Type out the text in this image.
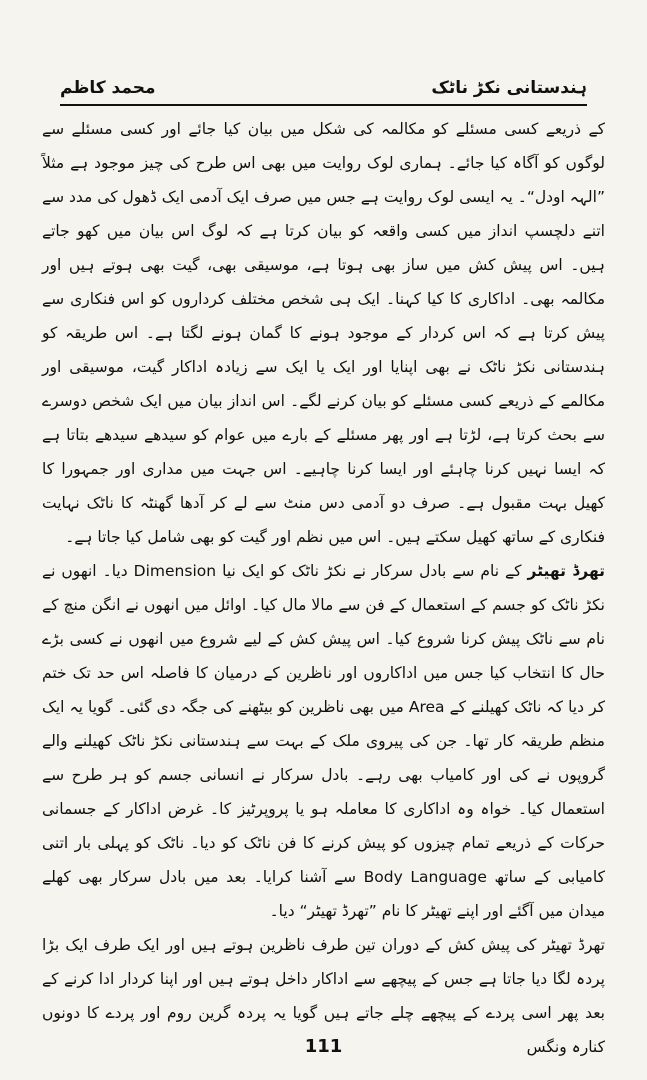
محمد کاظم	ہندستانی نکڑ ناٹک

کے ذریعے کسی مسئلے کو مکالمہ کی شکل میں بیان کیا جائے اور کسی مسئلے سے لوگوں کو آگاہ کیا جائے۔ ہماری لوک روایت میں بھی اس طرح کی چیز موجود ہے مثلاً ”الہہ اودل“۔ یہ ایسی لوک روایت ہے جس میں صرف ایک آدمی ایک ڈھول کی مدد سے اتنے دلچسپ انداز میں کسی واقعہ کو بیان کرتا ہے کہ لوگ اس بیان میں کھو جاتے ہیں۔ اس پیش کش میں ساز بھی ہوتا ہے، موسیقی بھی، گیت بھی ہوتے ہیں اور مکالمہ بھی۔ اداکاری کا کیا کہنا۔ ایک ہی شخص مختلف کرداروں کو اس فنکاری سے پیش کرتا ہے کہ اس کردار کے موجود ہونے کا گمان ہونے لگتا ہے۔ اس طریقہ کو ہندستانی نکڑ ناٹک نے بھی اپنایا اور ایک یا ایک سے زیادہ اداکار گیت، موسیقی اور مکالمے کے ذریعے کسی مسئلے کو بیان کرنے لگے۔ اس انداز بیان میں ایک شخص دوسرے سے بحث کرتا ہے، لڑتا ہے اور پھر مسئلے کے بارے میں عوام کو سیدھے سیدھے بتاتا ہے کہ ایسا نہیں کرنا چاہئے اور ایسا کرنا چاہیے۔ اس جہت میں مداری اور جمہورا کا کھیل بہت مقبول ہے۔ صرف دو آدمی دس منٹ سے لے کر آدھا گھنٹہ کا ناٹک نہایت فنکاری کے ساتھ کھیل سکتے ہیں۔ اس میں نظم اور گیت کو بھی شامل کیا جاتا ہے۔

تھرڈ تھیٹر کے نام سے بادل سرکار نے نکڑ ناٹک کو ایک نیا Dimension دیا۔ انھوں نے نکڑ ناٹک کو جسم کے استعمال کے فن سے مالا مال کیا۔ اوائل میں انھوں نے انگن منچ کے نام سے ناٹک پیش کرنا شروع کیا۔ اس پیش کش کے لیے شروع میں انھوں نے کسی بڑے حال کا انتخاب کیا جس میں اداکاروں اور ناظرین کے درمیان کا فاصلہ اس حد تک ختم کر دیا کہ ناٹک کھیلنے کے Area میں بھی ناظرین کو بیٹھنے کی جگہ دی گئی۔ گویا یہ ایک منظم طریقہ کار تھا۔ جن کی پیروی ملک کے بہت سے ہندستانی نکڑ ناٹک کھیلنے والے گروپوں نے کی اور کامیاب بھی رہے۔ بادل سرکار نے انسانی جسم کو ہر طرح سے استعمال کیا۔ خواہ وہ اداکاری کا معاملہ ہو یا پروپرٹیز کا۔ غرض اداکار کے جسمانی حرکات کے ذریعے تمام چیزوں کو پیش کرنے کا فن ناٹک کو دیا۔ ناٹک کو پہلی بار اتنی کامیابی کے ساتھ Body Language سے آشنا کرایا۔ بعد میں بادل سرکار بھی کھلے میدان میں آگئے اور اپنے تھیٹر کا نام ”تھرڈ تھیٹر“ دیا۔

تھرڈ تھیٹر کی پیش کش کے دوران تین طرف ناظرین ہوتے ہیں اور ایک طرف ایک بڑا پردہ لگا دیا جاتا ہے جس کے پیچھے سے اداکار داخل ہوتے ہیں اور اپنا کردار ادا کرنے کے بعد پھر اسی پردے کے پیچھے چلے جاتے ہیں گویا یہ پردہ گرین روم اور پردے کا دونوں کنارہ ونگس

111
